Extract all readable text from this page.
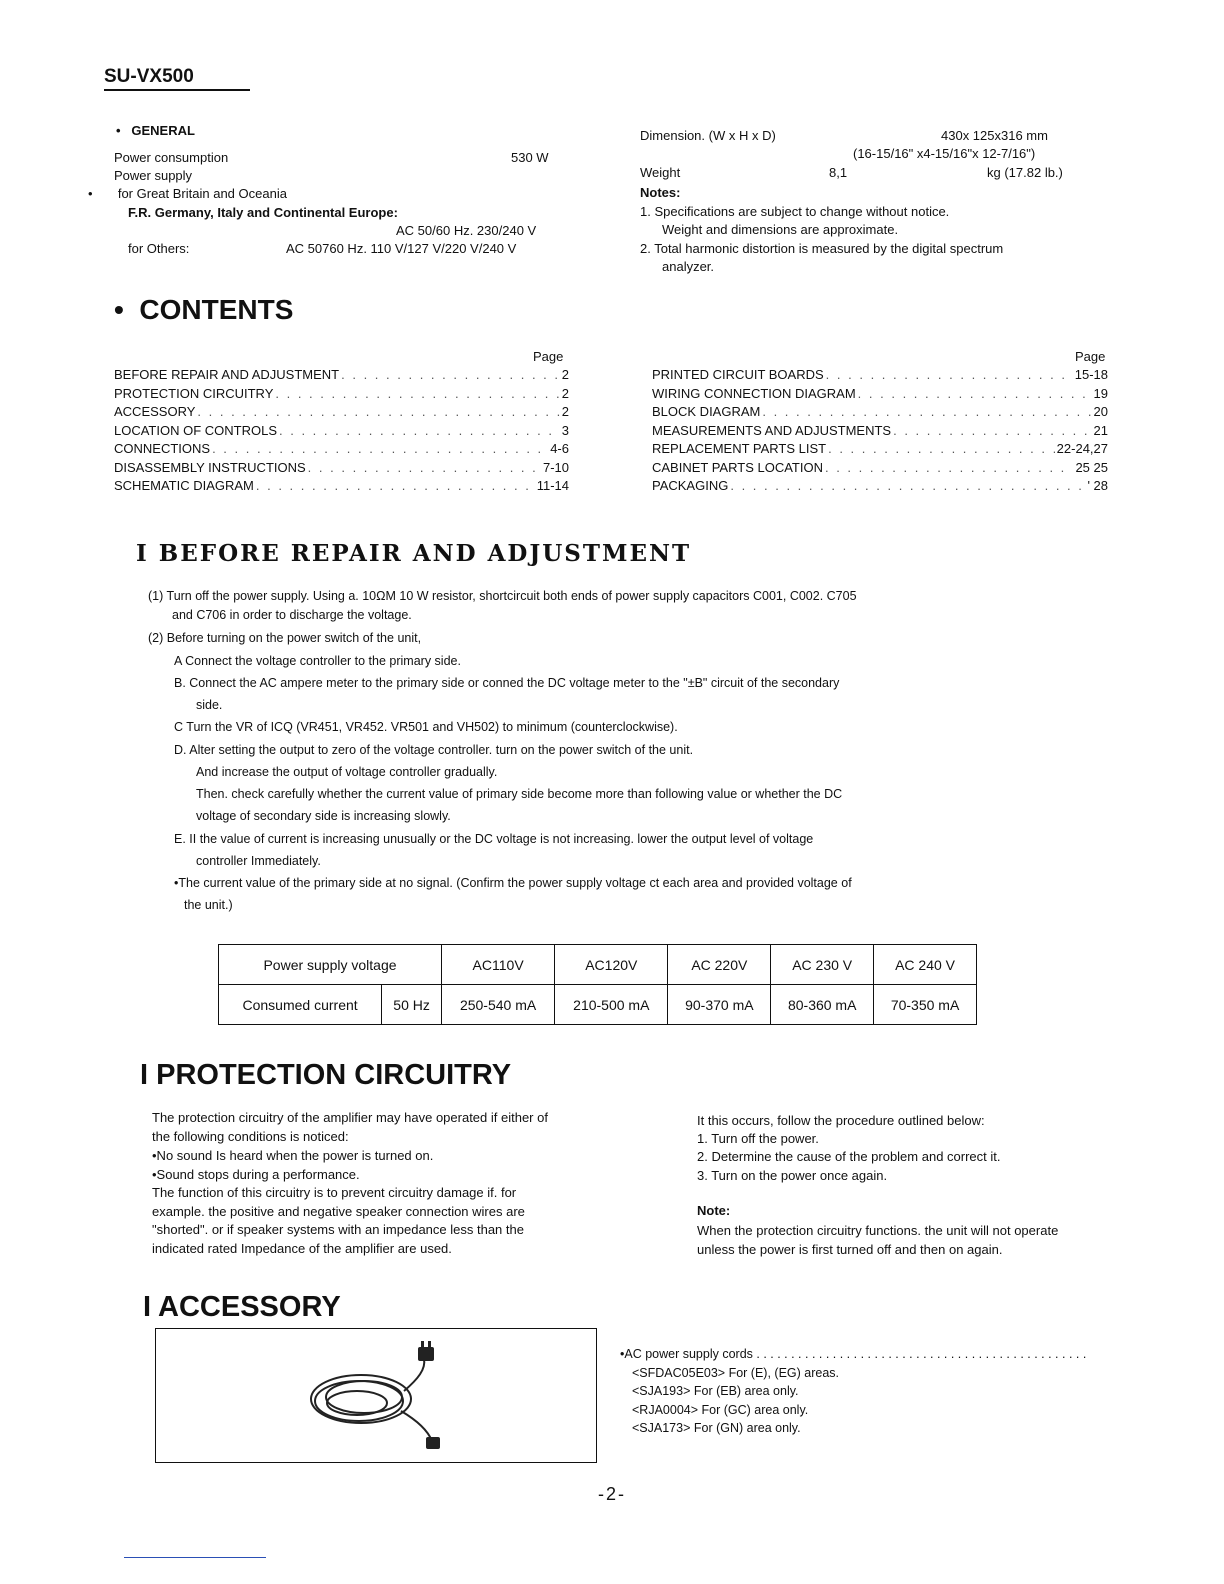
SU-VX500
•   GENERAL
Power consumption	530 W
Power supply
•       for Great Britain and Oceania
F.R. Germany, Italy and Continental Europe:
AC 50/60 Hz. 230/240 V
for Others:	AC 50760 Hz. 110 V/127 V/220 V/240 V
Dimension. (W x H x D)	430x 125x316 mm
(16-15/16" x4-15/16"x 12-7/16")
Weight	8,1	kg (17.82 lb.)
Notes:
1. Specifications are subject to change without notice.
Weight and dimensions are approximate.
2. Total harmonic distortion is measured by the digital spectrum
analyzer.
•  CONTENTS
Page	Page
BEFORE REPAIR AND ADJUSTMENT . . .	2
PROTECTION CIRCUITRY . . .	2
ACCESSORY . . .	2
LOCATION OF CONTROLS . . .	3
CONNECTIONS . . .	4-6
DISASSEMBLY INSTRUCTIONS . . .	7-10
SCHEMATIC DIAGRAM . . .	11-14
PRINTED CIRCUIT BOARDS . . .	15-18
WIRING CONNECTION DIAGRAM . . .	19
BLOCK DIAGRAM . . .	20
MEASUREMENTS AND ADJUSTMENTS . . .	21
REPLACEMENT PARTS LIST . . .	22-24,27
CABINET PARTS LOCATION . . .	25 25
PACKAGING . . .	' 28
I BEFORE REPAIR AND ADJUSTMENT
(1) Turn off the power supply. Using a. 10ΩM 10 W resistor, shortcircuit both ends of power supply capacitors C001, C002. C705
and C706 in order to discharge the voltage.
(2) Before turning on the power switch of the unit,
A Connect the voltage controller to the primary side.
B. Connect the AC ampere meter to the primary side or conned the DC voltage meter to the "±B" circuit of the secondary
side.
C Turn the VR of ICQ (VR451, VR452. VR501 and VH502) to minimum (counterclockwise).
D. Alter setting the output to zero of the voltage controller. turn on the power switch of the unit.
And increase the output of voltage controller gradually.
Then. check carefully whether the current value of primary side become more than following value or whether the DC
voltage of secondary side is increasing slowly.
E. II the value of current is increasing unusually or the DC voltage is not increasing. lower the output level of voltage
controller Immediately.
•The current value of the primary side at no signal. (Confirm the power supply voltage ct each area and provided voltage of
the unit.)
Power supply voltage		AC110V	AC120V	AC 220V	AC 230 V	AC 240 V
Consumed current	50 Hz	250-540 mA	210-500 mA	90-370 mA	80-360 mA	70-350 mA
I PROTECTION CIRCUITRY
The protection circuitry of the amplifier may have operated if either of
the following conditions is noticed:
•No sound Is heard when the power is turned on.
•Sound stops during a performance.
The function of this circuitry is to prevent circuitry damage if. for
example. the positive and negative speaker connection wires are
"shorted". or if speaker systems with an impedance less than the
indicated rated Impedance of the amplifier are used.
It this occurs, follow the procedure outlined below:
1. Turn off the power.
2. Determine the cause of the problem and correct it.
3. Turn on the power once again.
Note:
When the protection circuitry functions. the unit will not operate
unless the power is first turned off and then on again.
I ACCESSORY
•AC power supply cords . . . . . . . . . . . . . . . . . . . . . . . . . . . . . . . . . . . . . . . . . . . . . . . .
<SFDAC05E03> For (E), (EG) areas.
<SJA193> For (EB) area only.
<RJA0004> For (GC) area only.
<SJA173> For (GN) area only.
-2-
